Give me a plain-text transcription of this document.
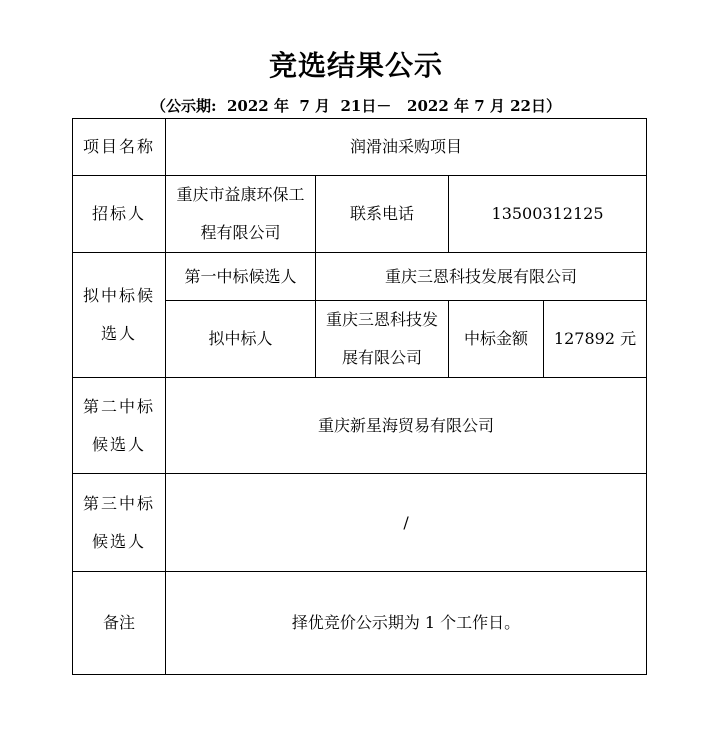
竞选结果公示
（公示期:  2022 年  7 月  21日－   2022 年 7 月 22日）
项目名称	润滑油采购项目			
招标人	重庆市益康环保工程有限公司	联系电话	13500312125	
拟中标候选人	第一中标候选人	重庆三恩科技发展有限公司		
	拟中标人	重庆三恩科技发展有限公司	中标金额	127892 元
第二中标候选人	重庆新星海贸易有限公司			
第三中标候选人	/			
备注	择优竞价公示期为 1 个工作日。			
